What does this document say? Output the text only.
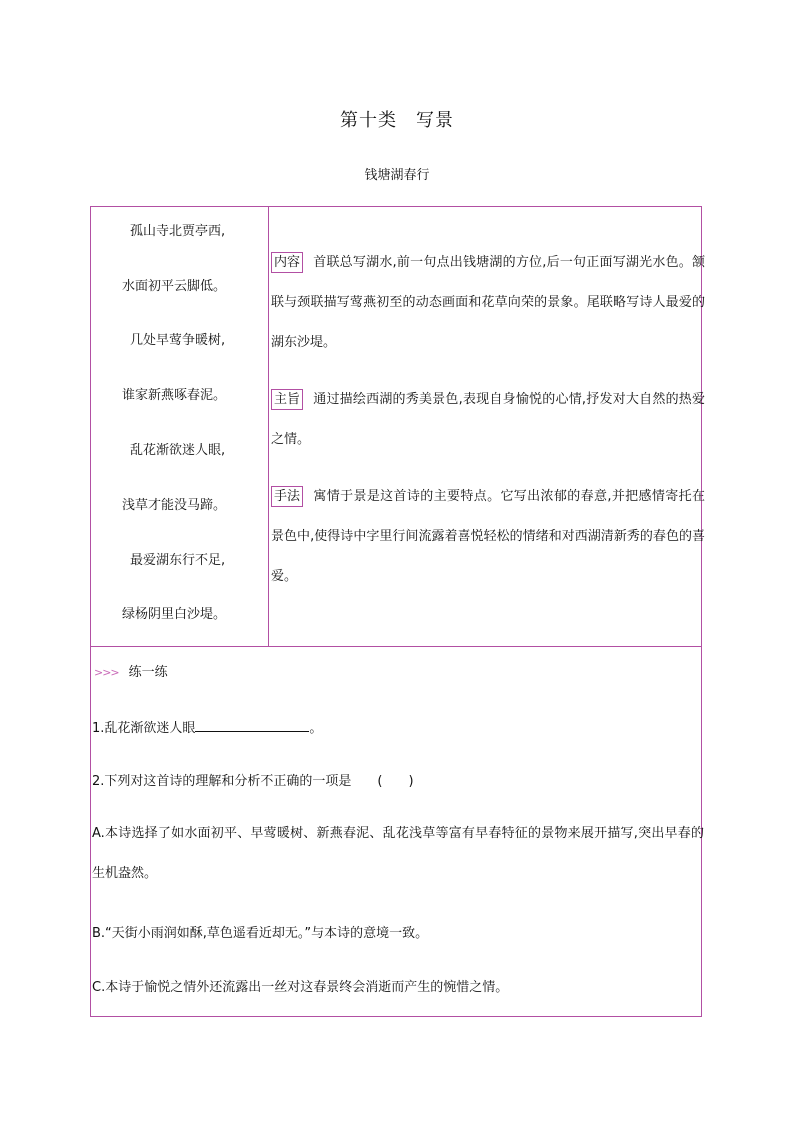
第十类　写景
钱塘湖春行
孤山寺北贾亭西,
水面初平云脚低。
几处早莺争暖树,
谁家新燕啄春泥。
乱花渐欲迷人眼,
浅草才能没马蹄。
最爱湖东行不足,
绿杨阴里白沙堤。
内容 首联总写湖水,前一句点出钱塘湖的方位,后一句正面写湖光水色。颔联与颈联描写莺燕初至的动态画面和花草向荣的景象。尾联略写诗人最爱的湖东沙堤。
主旨 通过描绘西湖的秀美景色,表现自身愉悦的心情,抒发对大自然的热爱之情。
手法 寓情于景是这首诗的主要特点。它写出浓郁的春意,并把感情寄托在景色中,使得诗中字里行间流露着喜悦轻松的情绪和对西湖清新秀的春色的喜爱。
>>> 练一练
1.乱花渐欲迷人眼	。
2.下列对这首诗的理解和分析不正确的一项是　　(　　)
A.本诗选择了如水面初平、早莺暖树、新燕春泥、乱花浅草等富有早春特征的景物来展开描写,突出早春的生机盎然。
B.“天街小雨润如酥,草色遥看近却无。”与本诗的意境一致。
C.本诗于愉悦之情外还流露出一丝对这春景终会消逝而产生的惋惜之情。
